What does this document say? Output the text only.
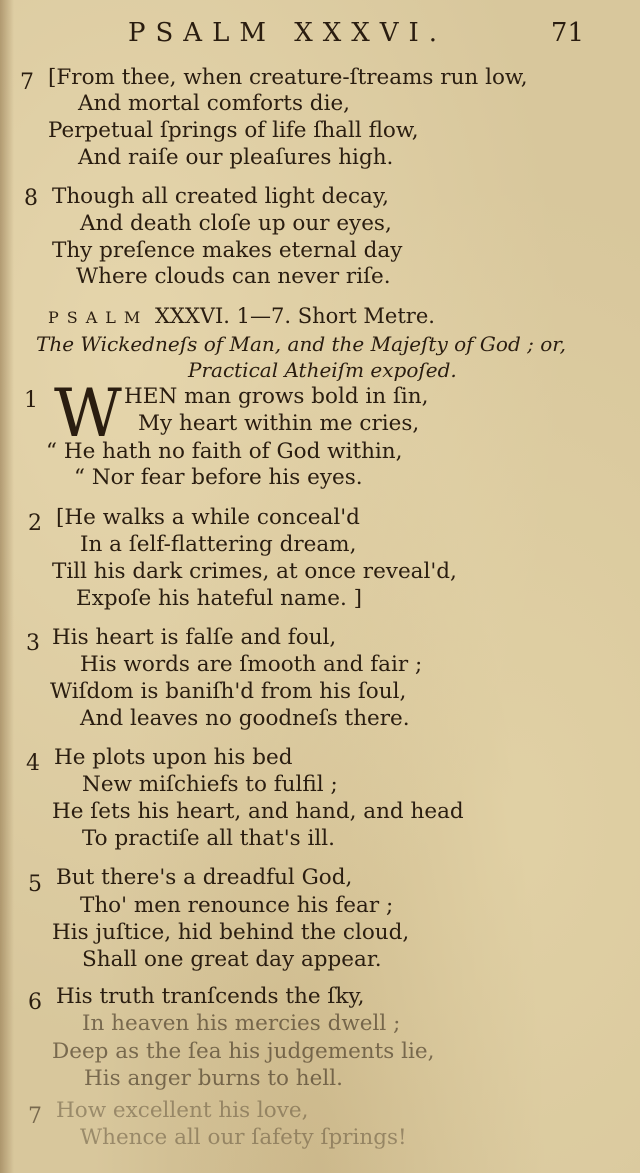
PSALM XXXVI.	71
7 [From thee, when creature-ſtreams run low,
And mortal comforts die,
Perpetual ſprings of life ſhall flow,
And raiſe our pleaſures high.
8 Though all created light decay,
And death cloſe up our eyes,
Thy preſence makes eternal day
Where clouds can never riſe.
PSALM XXXVI. 1—7. Short Metre.
The Wickedneſs of Man, and the Majeſty of God ; or,
Practical Atheiſm expoſed.
1 W HEN man grows bold in ſin,
My heart within me cries,
“ He hath no faith of God within,
“ Nor fear before his eyes.
2 [He walks a while conceal'd
In a ſelf-flattering dream,
Till his dark crimes, at once reveal'd,
Expoſe his hateful name. ]
3 His heart is falſe and foul,
His words are ſmooth and fair ;
Wiſdom is baniſh'd from his ſoul,
And leaves no goodneſs there.
4 He plots upon his bed
New miſchiefs to fulfil ;
He ſets his heart, and hand, and head
To practiſe all that's ill.
5 But there's a dreadful God,
Tho' men renounce his fear ;
His juſtice, hid behind the cloud,
Shall one great day appear.
6 His truth tranſcends the ſky,
In heaven his mercies dwell ;
Deep as the ſea his judgements lie,
His anger burns to hell.
7 How excellent his love,
Whence all our ſafety ſprings!
